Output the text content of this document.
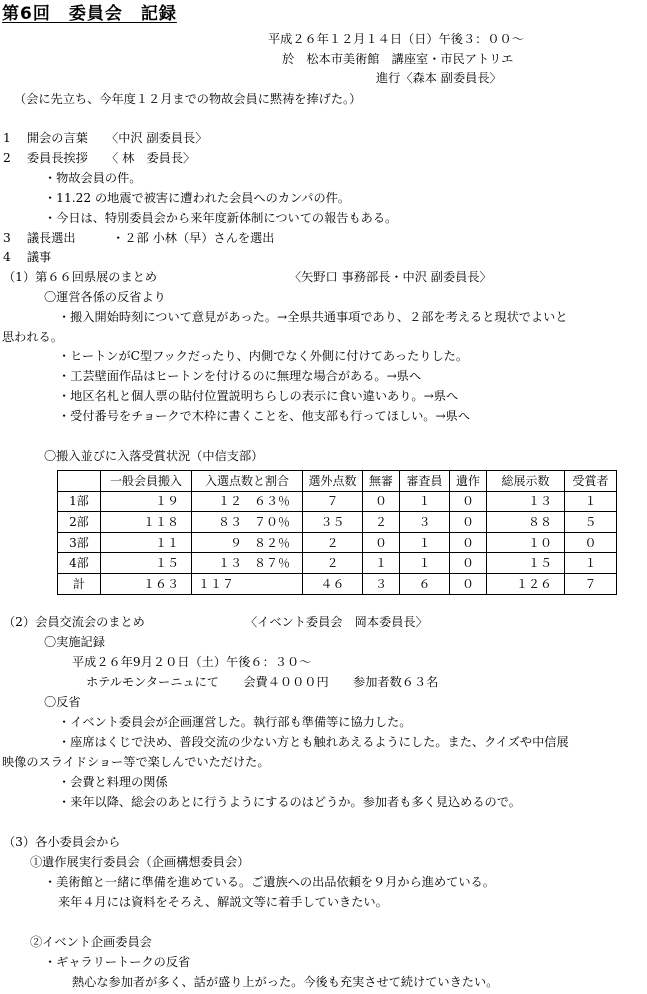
第6回　委員会　記録
平成２６年１２月１４日（日）午後３：００～
於　松本市美術館　講座室・市民アトリエ
進行〈森本 副委員長〉
（会に先立ち、今年度１２月までの物故会員に黙祷を捧げた。）
1　 開会の言葉　　〈中沢 副委員長〉
2　 委員長挨拶　　〈 林　委員長〉
・物故会員の件。
・11.22 の地震で被害に遭われた会員へのカンパの件。
・今日は、特別委員会から来年度新体制についての報告もある。
3　 議長選出　　　・２部 小林（早）さんを選出
4　 議事
（1）第６６回県展のまとめ	〈矢野口 事務部長・中沢 副委員長〉
〇運営各係の反省より
・搬入開始時刻について意見があった。→全県共通事項であり、２部を考えると現状でよいと
思われる。
・ヒートンがC型フックだったり、内側でなく外側に付けてあったりした。
・工芸壁面作品はヒートンを付けるのに無理な場合がある。→県へ
・地区名札と個人票の貼付位置説明ちらしの表示に食い違いあり。→県へ
・受付番号をチョークで木枠に書くことを、他支部も行ってほしい。→県へ
〇搬入並びに入落受賞状況（中信支部）
	一般会員搬入	入選点数と割合	選外点数	無審	審査員	遺作	総展示数	受賞者
1部	１９	１２　６３％	７	０	１	０	１３	１
2部	１１８	８３　７０％	３５	２	３	０	８８	５
3部	１１	９　８２％	２	０	１	０	１０	０
4部	１５	１３　８７％	２	１	１	０	１５	１
計	１６３	１１７	４６	３	６	０	１２６	７
（2）会員交流会のまとめ	〈イベント委員会　岡本委員長〉
〇実施記録
平成２６年9月２０日（土）午後６：３０～
ホテルモンターニュにて　　会費４０００円　　参加者数６３名
〇反省
・イベント委員会が企画運営した。執行部も準備等に協力した。
・座席はくじで決め、普段交流の少ない方とも触れあえるようにした。また、クイズや中信展
映像のスライドショー等で楽しんでいただけた。
・会費と料理の関係
・来年以降、総会のあとに行うようにするのはどうか。参加者も多く見込めるので。
（3）各小委員会から
①遺作展実行委員会（企画構想委員会）
・美術館と一緒に準備を進めている。ご遺族への出品依頼を９月から進めている。
来年４月には資料をそろえ、解説文等に着手していきたい。
②イベント企画委員会
・ギャラリートークの反省
熱心な参加者が多く、話が盛り上がった。今後も充実させて続けていきたい。
